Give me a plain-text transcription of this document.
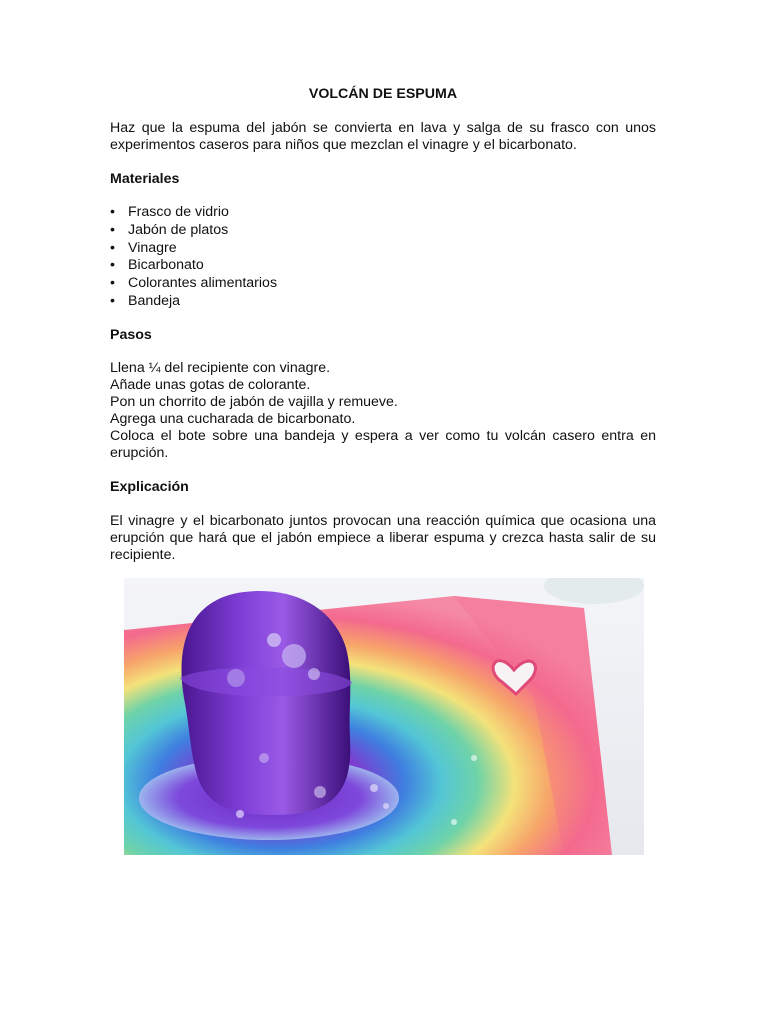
VOLCÁN DE ESPUMA

Haz que la espuma del jabón se convierta en lava y salga de su frasco con unos experimentos caseros para niños que mezclan el vinagre y el bicarbonato.

Materiales

• Frasco de vidrio
• Jabón de platos
• Vinagre
• Bicarbonato
• Colorantes alimentarios
• Bandeja

Pasos

Llena ¼ del recipiente con vinagre.

Añade unas gotas de colorante.

Pon un chorrito de jabón de vajilla y remueve.

Agrega una cucharada de bicarbonato.

Coloca el bote sobre una bandeja y espera a ver como tu volcán casero entra en erupción.

Explicación

El vinagre y el bicarbonato juntos provocan una reacción química que ocasiona una erupción que hará que el jabón empiece a liberar espuma y crezca hasta salir de su recipiente.
